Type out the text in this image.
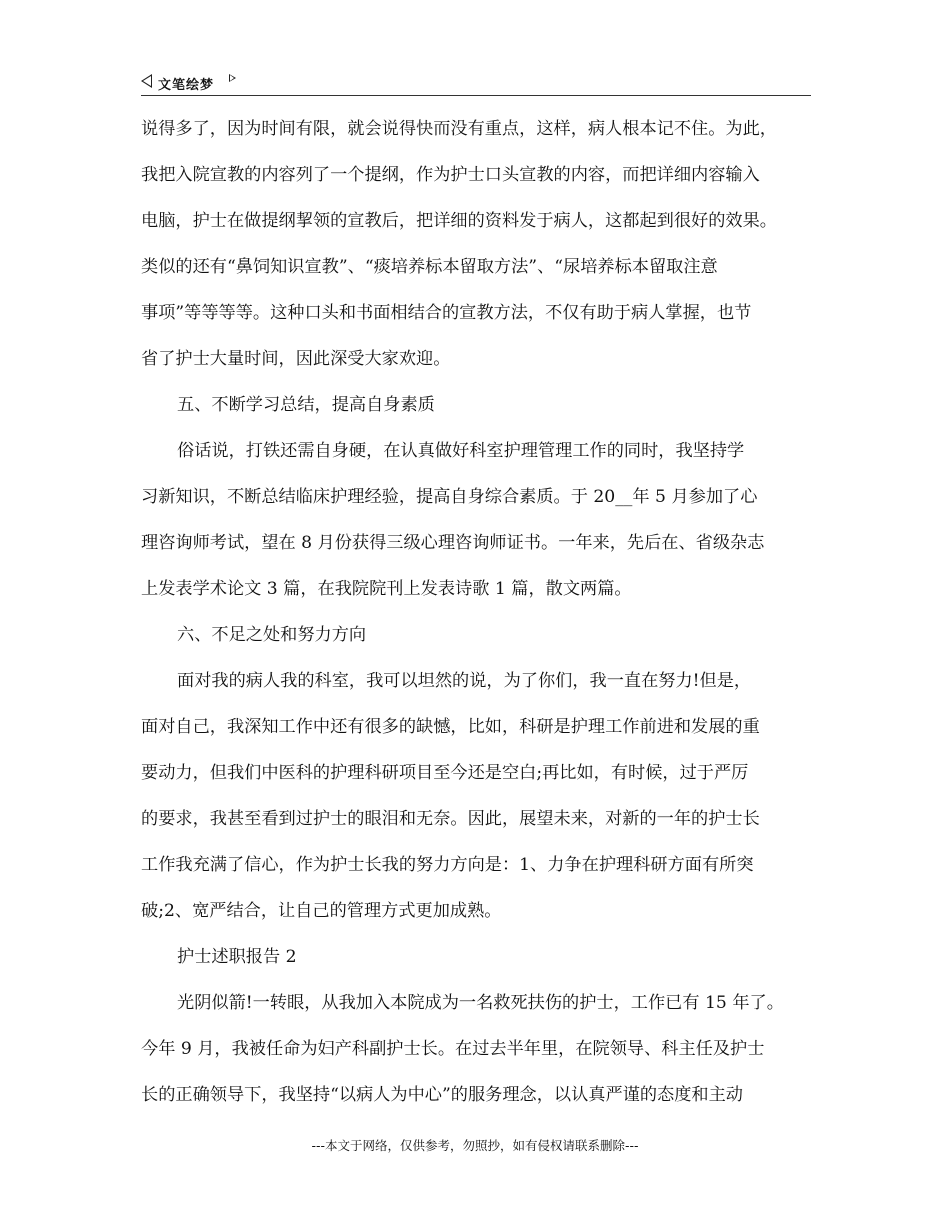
文笔绘梦
说得多了，因为时间有限，就会说得快而没有重点，这样，病人根本记不住。为此，
我把入院宣教的内容列了一个提纲，作为护士口头宣教的内容，而把详细内容输入
电脑，护士在做提纲挈领的宣教后，把详细的资料发于病人，这都起到很好的效果。
类似的还有“鼻饲知识宣教”、“痰培养标本留取方法”、“尿培养标本留取注意
事项”等等等等。这种口头和书面相结合的宣教方法，不仅有助于病人掌握，也节
省了护士大量时间，因此深受大家欢迎。
五、不断学习总结，提高自身素质
俗话说，打铁还需自身硬，在认真做好科室护理管理工作的同时，我坚持学
习新知识，不断总结临床护理经验，提高自身综合素质。于 20__年 5 月参加了心
理咨询师考试，望在 8 月份获得三级心理咨询师证书。一年来，先后在、省级杂志
上发表学术论文 3 篇，在我院院刊上发表诗歌 1 篇，散文两篇。
六、不足之处和努力方向
面对我的病人我的科室，我可以坦然的说，为了你们，我一直在努力!但是，
面对自己，我深知工作中还有很多的缺憾，比如，科研是护理工作前进和发展的重
要动力，但我们中医科的护理科研项目至今还是空白;再比如，有时候，过于严厉
的要求，我甚至看到过护士的眼泪和无奈。因此，展望未来，对新的一年的护士长
工作我充满了信心，作为护士长我的努力方向是：1、力争在护理科研方面有所突
破;2、宽严结合，让自己的管理方式更加成熟。
护士述职报告 2
光阴似箭!一转眼，从我加入本院成为一名救死扶伤的护士，工作已有 15 年了。
今年 9 月，我被任命为妇产科副护士长。在过去半年里，在院领导、科主任及护士
长的正确领导下，我坚持“以病人为中心”的服务理念，以认真严谨的态度和主动
---本文于网络，仅供参考，勿照抄，如有侵权请联系删除---
